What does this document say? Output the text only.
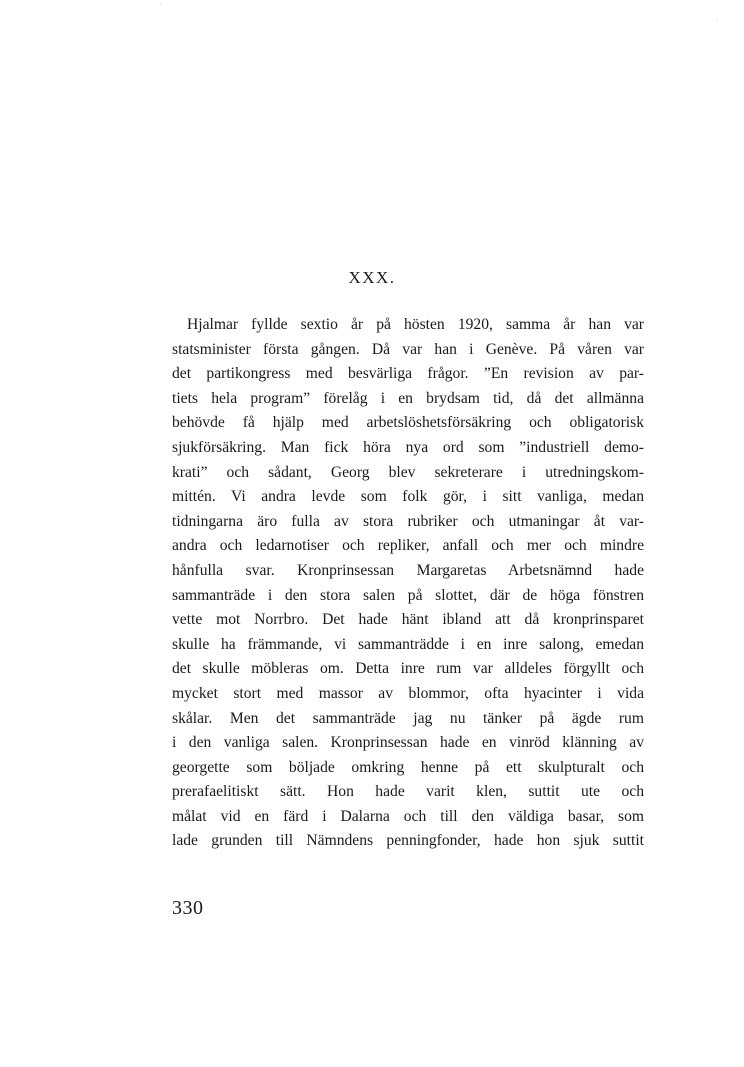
XXX.
Hjalmar fyllde sextio år på hösten 1920, samma år han var
statsminister första gången. Då var han i Genève. På våren var
det partikongress med besvärliga frågor. ”En revision av par-
tiets hela program” förelåg i en brydsam tid, då det allmänna
behövde få hjälp med arbetslöshetsförsäkring och obligatorisk
sjukförsäkring. Man fick höra nya ord som ”industriell demo-
krati” och sådant, Georg blev sekreterare i utredningskom-
mittén. Vi andra levde som folk gör, i sitt vanliga, medan
tidningarna äro fulla av stora rubriker och utmaningar åt var-
andra och ledarnotiser och repliker, anfall och mer och mindre
hånfulla svar. Kronprinsessan Margaretas Arbetsnämnd hade
sammanträde i den stora salen på slottet, där de höga fönstren
vette mot Norrbro. Det hade hänt ibland att då kronprinsparet
skulle ha främmande, vi sammanträdde i en inre salong, emedan
det skulle möbleras om. Detta inre rum var alldeles förgyllt och
mycket stort med massor av blommor, ofta hyacinter i vida
skålar. Men det sammanträde jag nu tänker på ägde rum
i den vanliga salen. Kronprinsessan hade en vinröd klänning av
georgette som böljade omkring henne på ett skulpturalt och
prerafaelitiskt sätt. Hon hade varit klen, suttit ute och
målat vid en färd i Dalarna och till den väldiga basar, som
lade grunden till Nämndens penningfonder, hade hon sjuk suttit
330
